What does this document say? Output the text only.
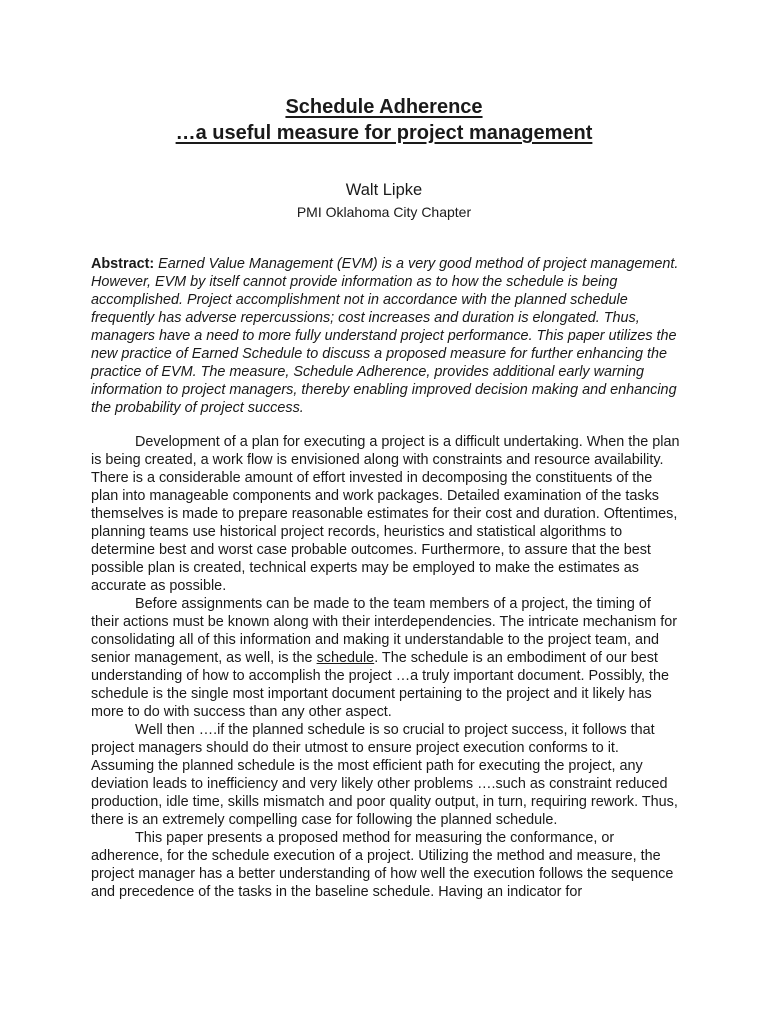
Schedule Adherence
…a useful measure for project management
Walt Lipke
PMI Oklahoma City Chapter

Abstract: Earned Value Management (EVM) is a very good method of project management. However, EVM by itself cannot provide information as to how the schedule is being accomplished. Project accomplishment not in accordance with the planned schedule frequently has adverse repercussions; cost increases and duration is elongated. Thus, managers have a need to more fully understand project performance. This paper utilizes the new practice of Earned Schedule to discuss a proposed measure for further enhancing the practice of EVM. The measure, Schedule Adherence, provides additional early warning information to project managers, thereby enabling improved decision making and enhancing the probability of project success.

Development of a plan for executing a project is a difficult undertaking. When the plan is being created, a work flow is envisioned along with constraints and resource availability. There is a considerable amount of effort invested in decomposing the constituents of the plan into manageable components and work packages. Detailed examination of the tasks themselves is made to prepare reasonable estimates for their cost and duration. Oftentimes, planning teams use historical project records, heuristics and statistical algorithms to determine best and worst case probable outcomes. Furthermore, to assure that the best possible plan is created, technical experts may be employed to make the estimates as accurate as possible.

Before assignments can be made to the team members of a project, the timing of their actions must be known along with their interdependencies. The intricate mechanism for consolidating all of this information and making it understandable to the project team, and senior management, as well, is the schedule. The schedule is an embodiment of our best understanding of how to accomplish the project …a truly important document. Possibly, the schedule is the single most important document pertaining to the project and it likely has more to do with success than any other aspect.

Well then ….if the planned schedule is so crucial to project success, it follows that project managers should do their utmost to ensure project execution conforms to it. Assuming the planned schedule is the most efficient path for executing the project, any deviation leads to inefficiency and very likely other problems ….such as constraint reduced production, idle time, skills mismatch and poor quality output, in turn, requiring rework. Thus, there is an extremely compelling case for following the planned schedule.

This paper presents a proposed method for measuring the conformance, or adherence, for the schedule execution of a project. Utilizing the method and measure, the project manager has a better understanding of how well the execution follows the sequence and precedence of the tasks in the baseline schedule. Having an indicator for
